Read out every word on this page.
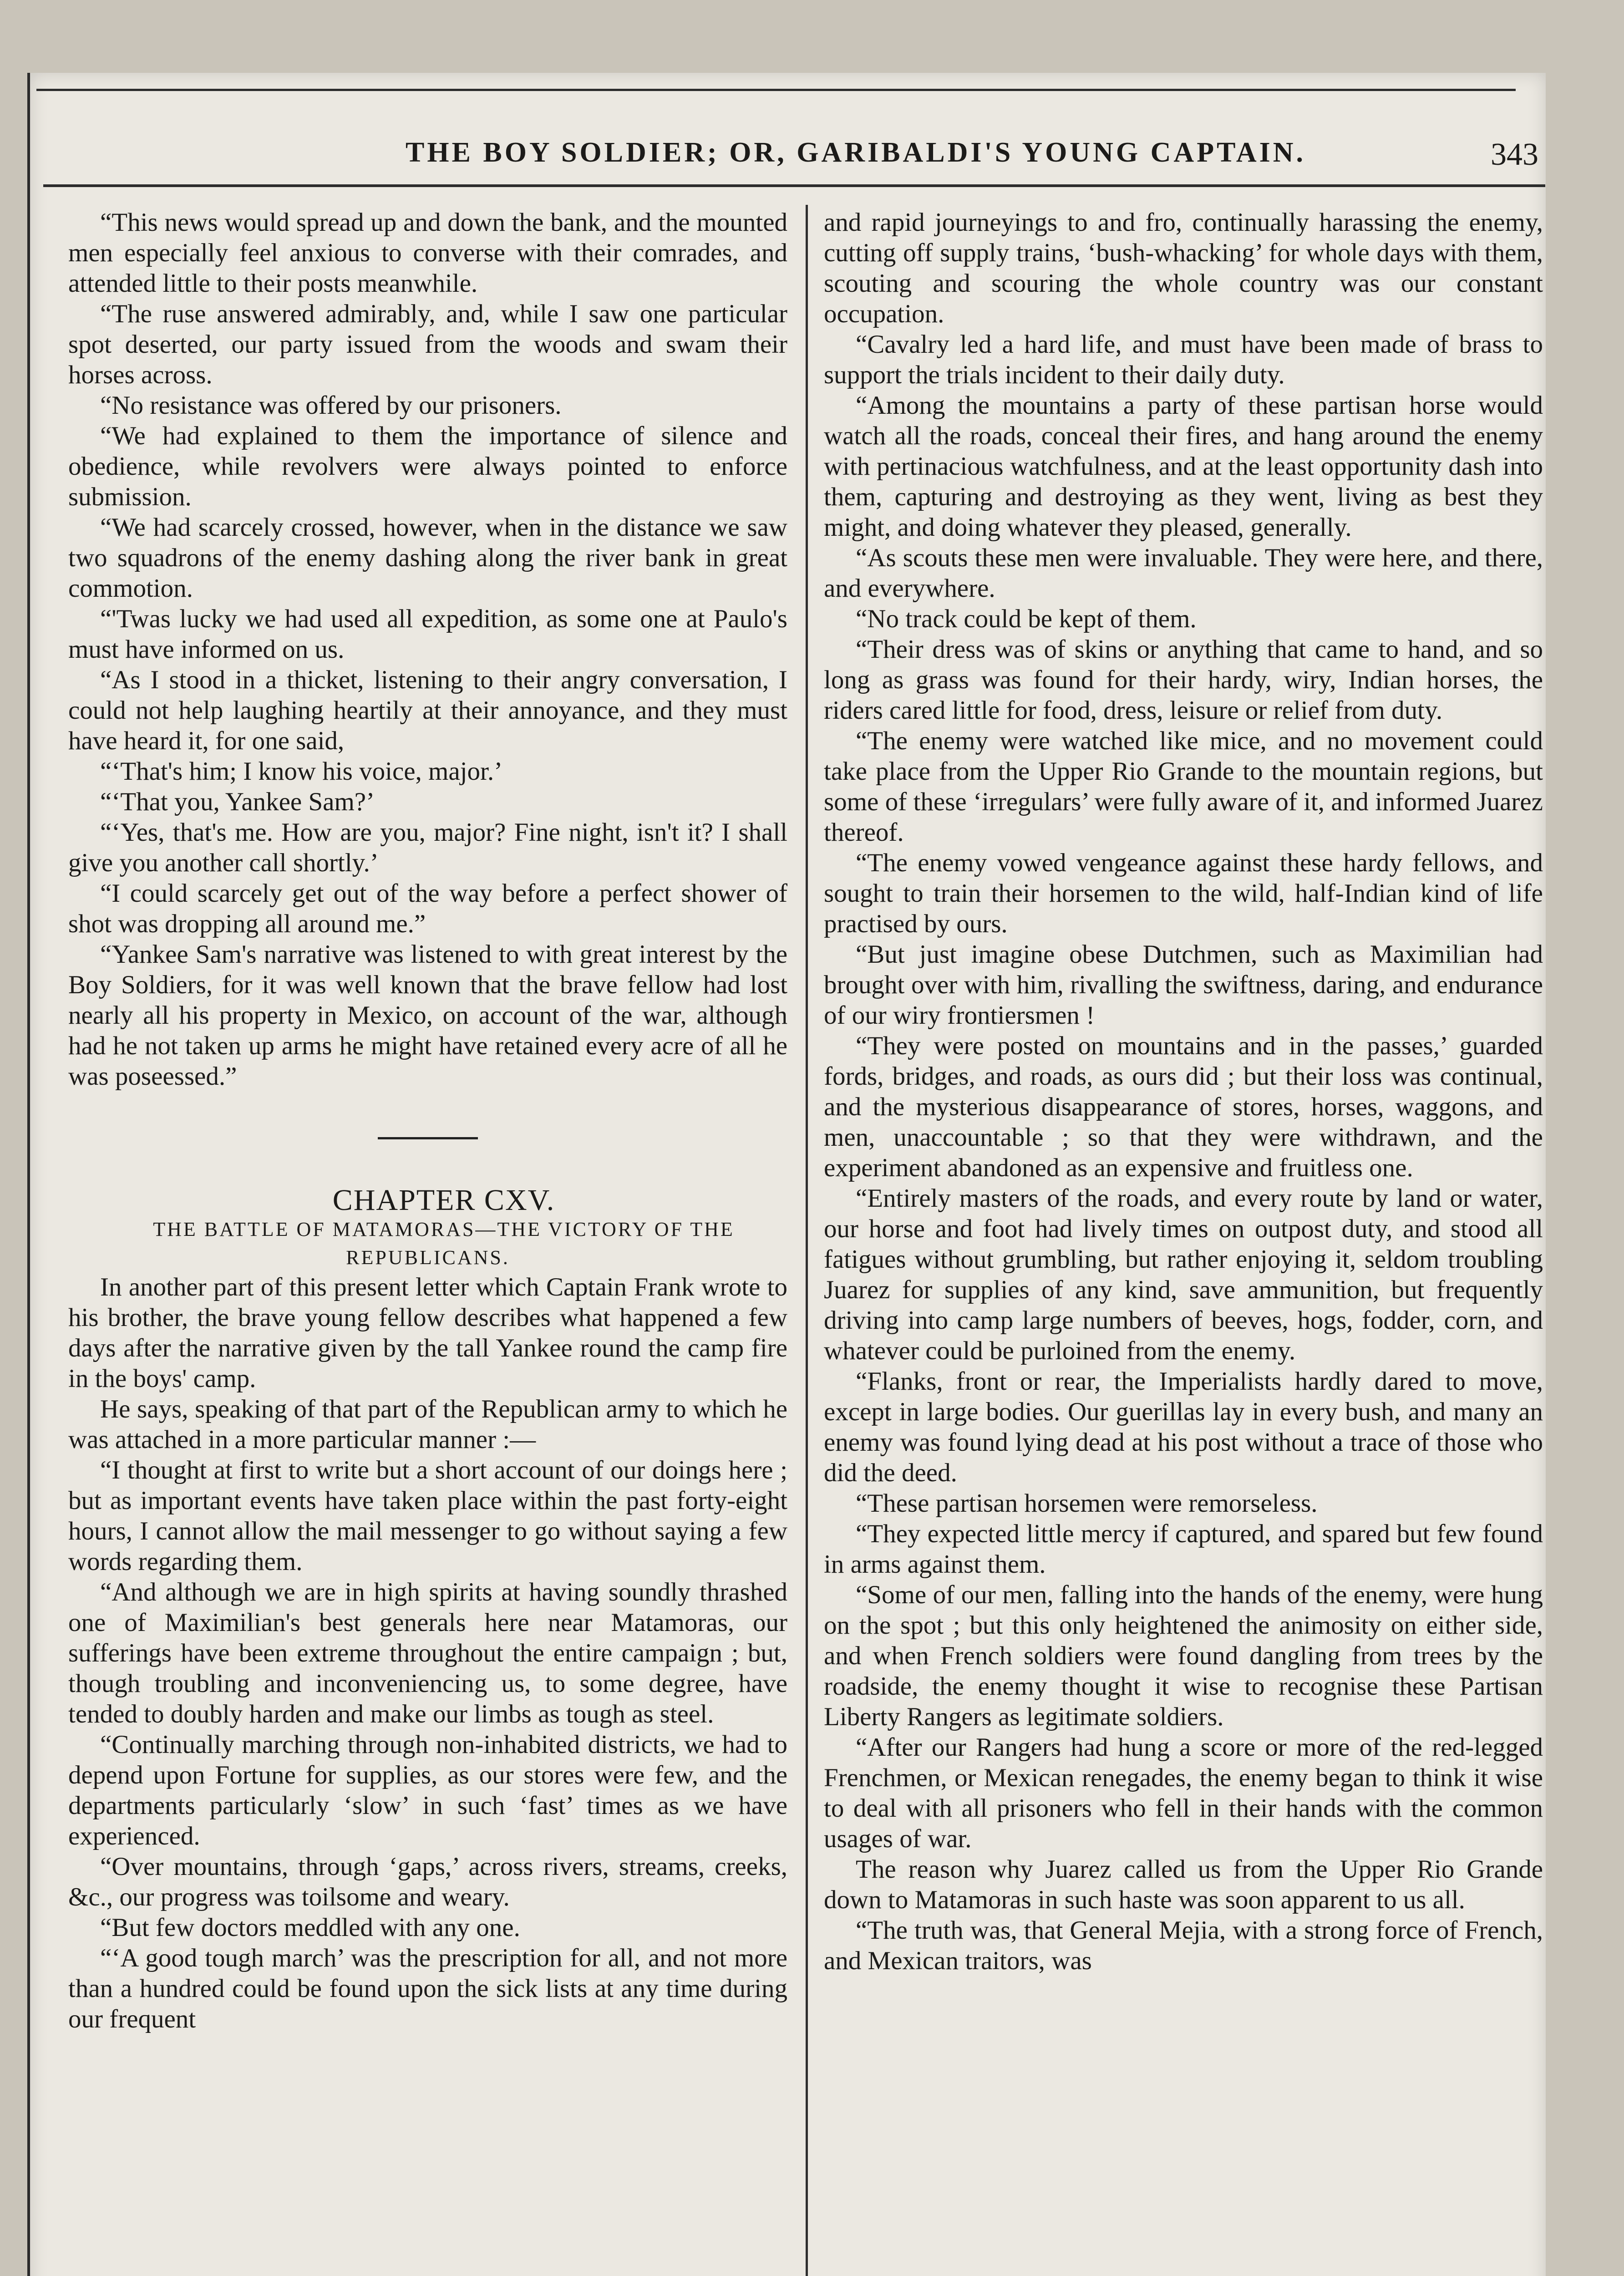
THE BOY SOLDIER; OR, GARIBALDI'S YOUNG CAPTAIN.	343

“This news would spread up and down the bank, and the mounted men especially feel anxious to converse with their comrades, and attended little to their posts meanwhile.

“The ruse answered admirably, and, while I saw one particular spot deserted, our party issued from the woods and swam their horses across.

“No resistance was offered by our prisoners.

“We had explained to them the importance of silence and obedience, while revolvers were always pointed to enforce submission.

“We had scarcely crossed, however, when in the distance we saw two squadrons of the enemy dashing along the river bank in great commotion.

“'Twas lucky we had used all expedition, as some one at Paulo's must have informed on us.

“As I stood in a thicket, listening to their angry conversation, I could not help laughing heartily at their annoyance, and they must have heard it, for one said,

“‘That's him; I know his voice, major.’

“‘That you, Yankee Sam?’

“‘Yes, that's me. How are you, major? Fine night, isn't it? I shall give you another call shortly.’

“I could scarcely get out of the way before a perfect shower of shot was dropping all around me.”

“Yankee Sam's narrative was listened to with great interest by the Boy Soldiers, for it was well known that the brave fellow had lost nearly all his property in Mexico, on account of the war, although had he not taken up arms he might have retained every acre of all he was poseessed.”

CHAPTER CXV.

THE BATTLE OF MATAMORAS—THE VICTORY OF THE REPUBLICANS.

In another part of this present letter which Captain Frank wrote to his brother, the brave young fellow describes what happened a few days after the narrative given by the tall Yankee round the camp fire in the boys' camp.

He says, speaking of that part of the Republican army to which he was attached in a more particular manner :—

“I thought at first to write but a short account of our doings here ; but as important events have taken place within the past forty-eight hours, I cannot allow the mail messenger to go without saying a few words regarding them.

“And although we are in high spirits at having soundly thrashed one of Maximilian's best generals here near Matamoras, our sufferings have been extreme throughout the entire campaign ; but, though troubling and inconveniencing us, to some degree, have tended to doubly harden and make our limbs as tough as steel.

“Continually marching through non-inhabited districts, we had to depend upon Fortune for supplies, as our stores were few, and the departments particularly ‘slow’ in such ‘fast’ times as we have experienced.

“Over mountains, through ‘gaps,’ across rivers, streams, creeks, &c., our progress was toilsome and weary.

“But few doctors meddled with any one.

“‘A good tough march’ was the prescription for all, and not more than a hundred could be found upon the sick lists at any time during our frequent

and rapid journeyings to and fro, continually harassing the enemy, cutting off supply trains, ‘bush-whacking’ for whole days with them, scouting and scouring the whole country was our constant occupation.

“Cavalry led a hard life, and must have been made of brass to support the trials incident to their daily duty.

“Among the mountains a party of these partisan horse would watch all the roads, conceal their fires, and hang around the enemy with pertinacious watchfulness, and at the least opportunity dash into them, capturing and destroying as they went, living as best they might, and doing whatever they pleased, generally.

“As scouts these men were invaluable. They were here, and there, and everywhere.

“No track could be kept of them.

“Their dress was of skins or anything that came to hand, and so long as grass was found for their hardy, wiry, Indian horses, the riders cared little for food, dress, leisure or relief from duty.

“The enemy were watched like mice, and no movement could take place from the Upper Rio Grande to the mountain regions, but some of these ‘irregulars’ were fully aware of it, and informed Juarez thereof.

“The enemy vowed vengeance against these hardy fellows, and sought to train their horsemen to the wild, half-Indian kind of life practised by ours.

“But just imagine obese Dutchmen, such as Maximilian had brought over with him, rivalling the swiftness, daring, and endurance of our wiry frontiersmen !

“They were posted on mountains and in the passes,’ guarded fords, bridges, and roads, as ours did ; but their loss was continual, and the mysterious disappearance of stores, horses, waggons, and men, unaccountable ; so that they were withdrawn, and the experiment abandoned as an expensive and fruitless one.

“Entirely masters of the roads, and every route by land or water, our horse and foot had lively times on outpost duty, and stood all fatigues without grumbling, but rather enjoying it, seldom troubling Juarez for supplies of any kind, save ammunition, but frequently driving into camp large numbers of beeves, hogs, fodder, corn, and whatever could be purloined from the enemy.

“Flanks, front or rear, the Imperialists hardly dared to move, except in large bodies. Our guerillas lay in every bush, and many an enemy was found lying dead at his post without a trace of those who did the deed.

“These partisan horsemen were remorseless.

“They expected little mercy if captured, and spared but few found in arms against them.

“Some of our men, falling into the hands of the enemy, were hung on the spot ; but this only heightened the animosity on either side, and when French soldiers were found dangling from trees by the roadside, the enemy thought it wise to recognise these Partisan Liberty Rangers as legitimate soldiers.

“After our Rangers had hung a score or more of the red-legged Frenchmen, or Mexican renegades, the enemy began to think it wise to deal with all prisoners who fell in their hands with the common usages of war.

The reason why Juarez called us from the Upper Rio Grande down to Matamoras in such haste was soon apparent to us all.

“The truth was, that General Mejia, with a strong force of French, and Mexican traitors, was
